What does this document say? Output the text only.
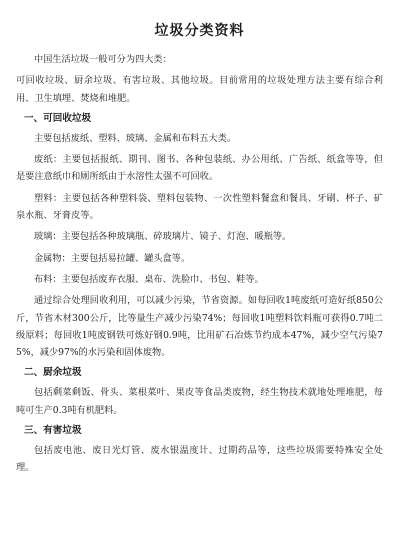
垃圾分类资料
中国生活垃圾一般可分为四大类：
可回收垃圾、厨余垃圾、有害垃圾、其他垃圾。目前常用的垃圾处理方法主要有综合利用、卫生填埋、焚烧和堆肥。
一、可回收垃圾
主要包括废纸、塑料、玻璃、金属和布料五大类。
废纸：主要包括报纸、期刊、图书、各种包装纸、办公用纸、广告纸、纸盒等等，但是要注意纸巾和厕所纸由于水溶性太强不可回收。
塑料：主要包括各种塑料袋、塑料包装物、一次性塑料餐盒和餐具、牙刷、杯子、矿泉水瓶、牙膏皮等。
玻璃：主要包括各种玻璃瓶、碎玻璃片、镜子、灯泡、暖瓶等。
金属物：主要包括易拉罐、罐头盒等。
布料：主要包括废弃衣服、桌布、洗脸巾、书包、鞋等。
通过综合处理回收利用，可以减少污染，节省资源。如每回收1吨废纸可造好纸850公斤，节省木材300公斤，比等量生产减少污染74%；每回收1吨塑料饮料瓶可获得0.7吨二级原料；每回收1吨废钢铁可炼好钢0.9吨，比用矿石冶炼节约成本47%，减少空气污染75%，减少97%的水污染和固体废物。
二、厨余垃圾
包括剩菜剩饭、骨头、菜根菜叶、果皮等食品类废物，经生物技术就地处理堆肥，每吨可生产0.3吨有机肥料。
三、有害垃圾
包括废电池、废日光灯管、废水银温度计、过期药品等，这些垃圾需要特殊安全处理。
